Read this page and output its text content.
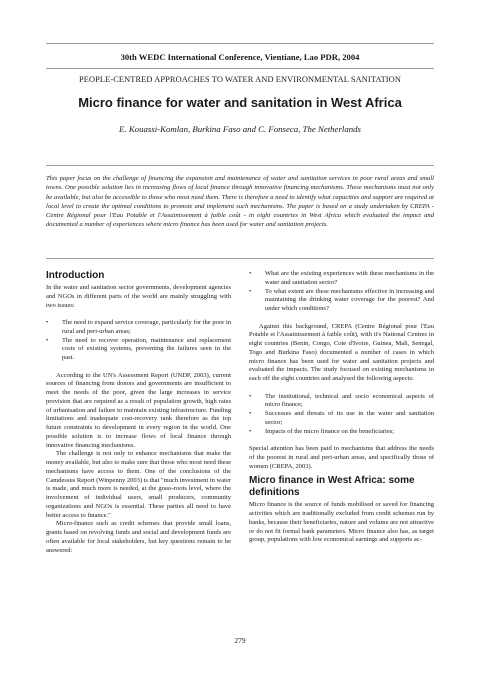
30th WEDC International Conference, Vientiane, Lao PDR, 2004
PEOPLE-CENTRED APPROACHES TO WATER AND ENVIRONMENTAL SANITATION
Micro finance for water and sanitation in West Africa
E. Kouassi-Komlan, Burkina Faso and C. Fonseca, The Netherlands

This paper focus on the challenge of financing the expansion and maintenance of water and sanitation services in poor rural areas and small towns. One possible solution lies in increasing flows of local finance through innovative financing mechanisms. These mechanisms must not only be available, but also be accessible to those who most need them. There is therefore a need to identify what capacities and support are required at local level to create the optimal conditions to promote and implement such mechanisms. The paper is based on a study undertaken by CREPA - Centre Régional pour l'Eau Potable et l'Assainissement à faible coût - in eight countries in West Africa which evaluated the impact and documented a number of experiences where micro finance has been used for water and sanitation projects.

Introduction

In the water and sanitation sector governments, development agencies and NGOs in different parts of the world are mainly struggling with two issues:

• The need to expand service coverage, particularly for the poor in rural and peri-urban areas;
• The need to recover operation, maintenance and replacement costs of existing systems, preventing the failures seen in the past.

According to the UN's Assessment Report (UNDP, 2003), current sources of financing from donors and governments are insufficient to meet the needs of the poor, given the large increases in service provision that are required as a result of population growth, high rates of urbanisation and failure to maintain existing infrastructure. Funding limitations and inadequate cost-recovery rank therefore as the top future constraints to development in every region in the world. One possible solution is to increase flows of local finance through innovative financing mechanisms.

The challenge is not only to enhance mechanisms that make the money available, but also to make sure that those who most need these mechanisms have access to them. One of the conclusions of the Camdessus Report (Winpenny 2003) is that "much investment in water is made, and much more is needed, at the grass-roots level, where the involvement of individual users, small producers, community organizations and NGOs is essential. These parties all need to have better access to finance."

Micro-finance such as credit schemes that provide small loans, grants based on revolving funds and social and development funds are often available for local stakeholders, but key questions remain to be answered:

• What are the existing experiences with these mechanisms in the water and sanitation sector?
• To what extent are these mechanisms effective in increasing and maintaining the drinking water coverage for the poorest? And under which conditions?

Against this background, CREPA (Centre Régional pour l'Eau Potable et l'Assainissement à faible coût), with it's National Centres in eight countries (Benin, Congo, Cote d'Ivoire, Guinea, Mali, Senegal, Togo and Burkina Faso) documented a number of cases in which micro finance has been used for water and sanitation projects and evaluated the impacts. The study focused on existing mechanisms in each off the eight countries and analysed the following aspects:

• The institutional, technical and socio economical aspects of micro finance;
• Successes and threats of its use in the water and sanitation sector;
• Impacts of the micro finance on the beneficiaries;

Special attention has been paid to mechanisms that address the needs of the poorest in rural and peri-urban areas, and specifically those of women (CREPA, 2003).

Micro finance in West Africa: some definitions

Micro finance is the source of funds mobilised or saved for financing activities which are traditionally excluded from credit schemes run by banks, because their beneficiaries, nature and volume are not attractive or do not fit formal bank parameters. Micro finance also has, as target group, populations with low economical earnings and supports ac-

279
